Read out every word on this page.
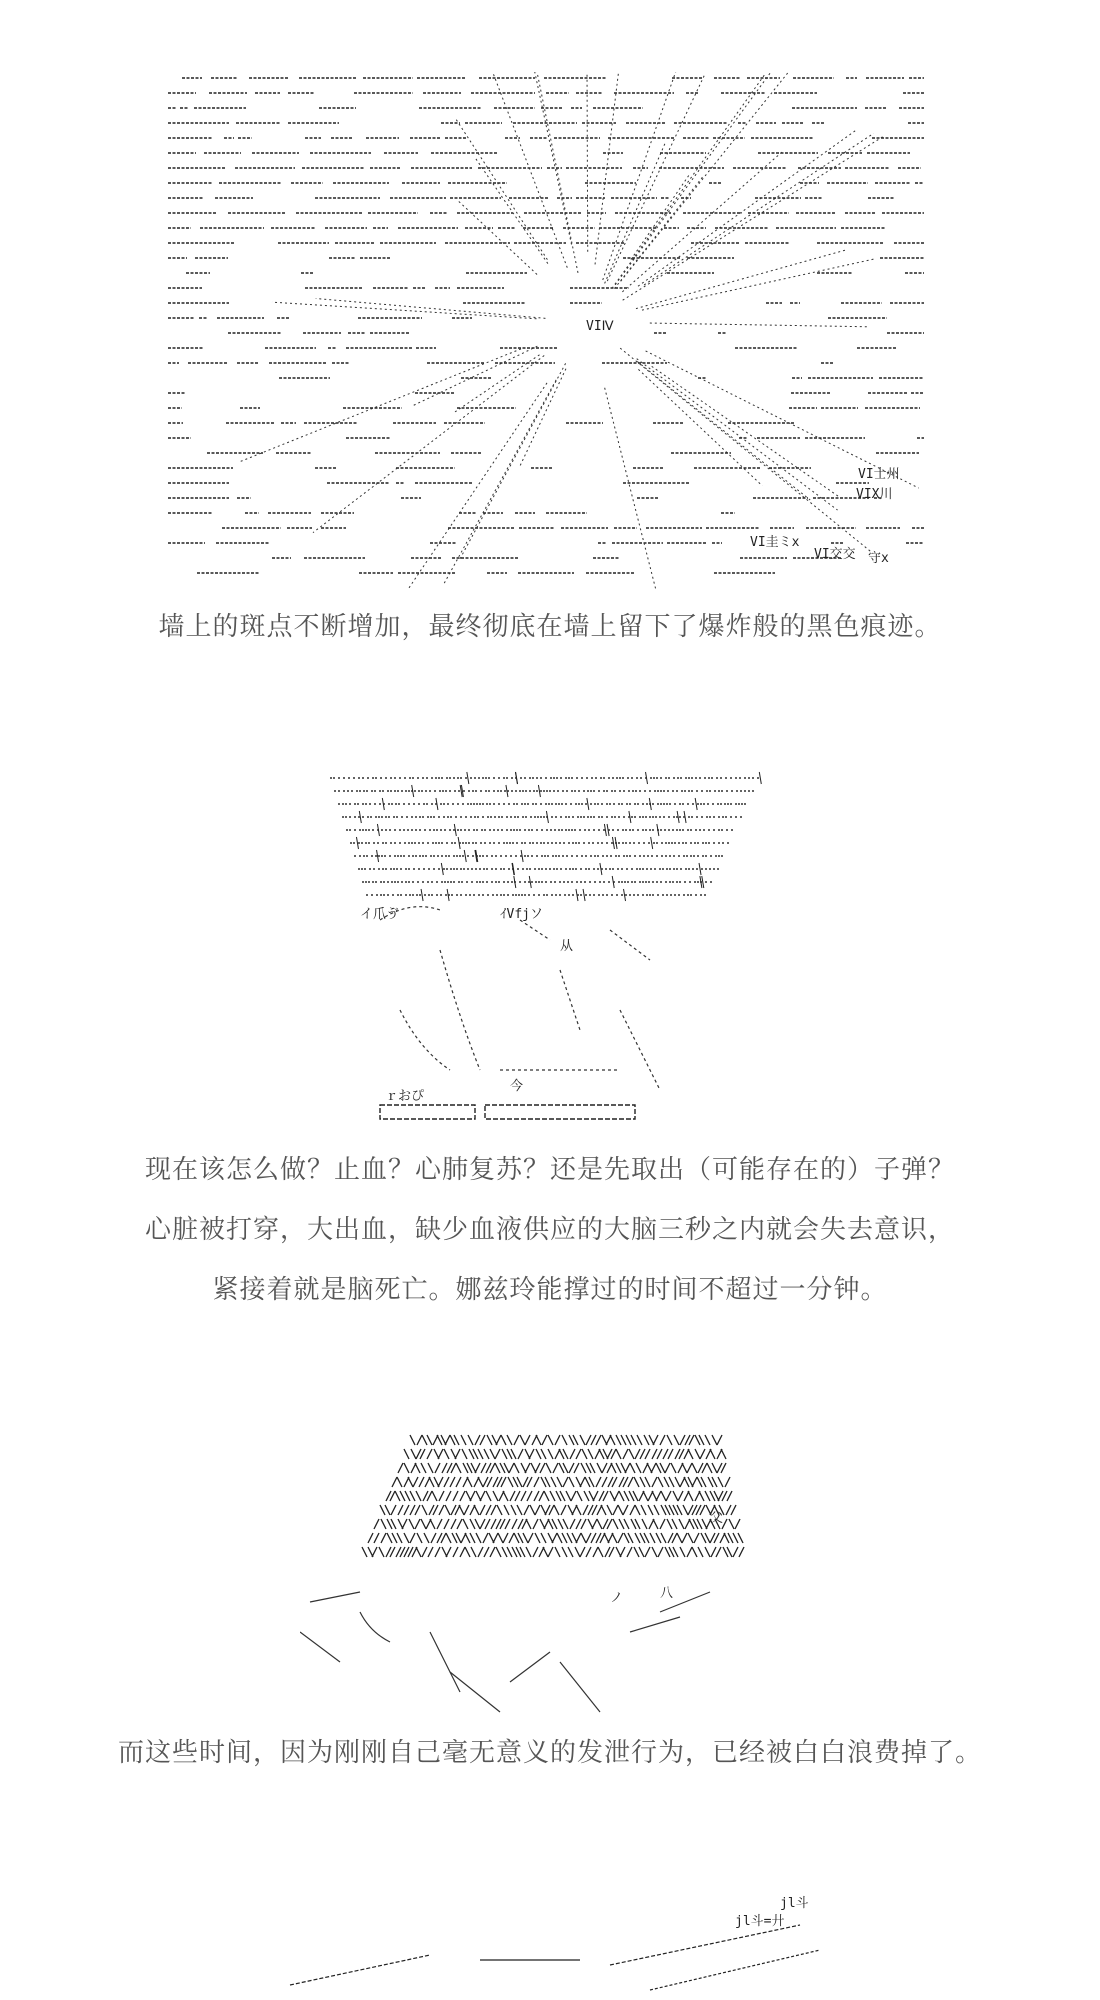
VIⅣ
VI圭ミx
VI交交
VIX川
VI士州
守x
墙上的斑点不断增加，最终彻底在墙上留下了爆炸般的黑色痕迹。
イ爪ゔ	ｲVfjソ
从
今
ｒおぴ
现在该怎么做？止血？心肺复苏？还是先取出（可能存在的）子弹？
心脏被打穿，大出血，缺少血液供应的大脑三秒之内就会失去意识，
紧接着就是脑死亡。娜兹玲能撑过的时间不超过一分钟。
父
八
ノ
而这些时间，因为刚刚自己毫无意义的发泄行为，已经被白白浪费掉了。
jl斗
jl斗=廾
